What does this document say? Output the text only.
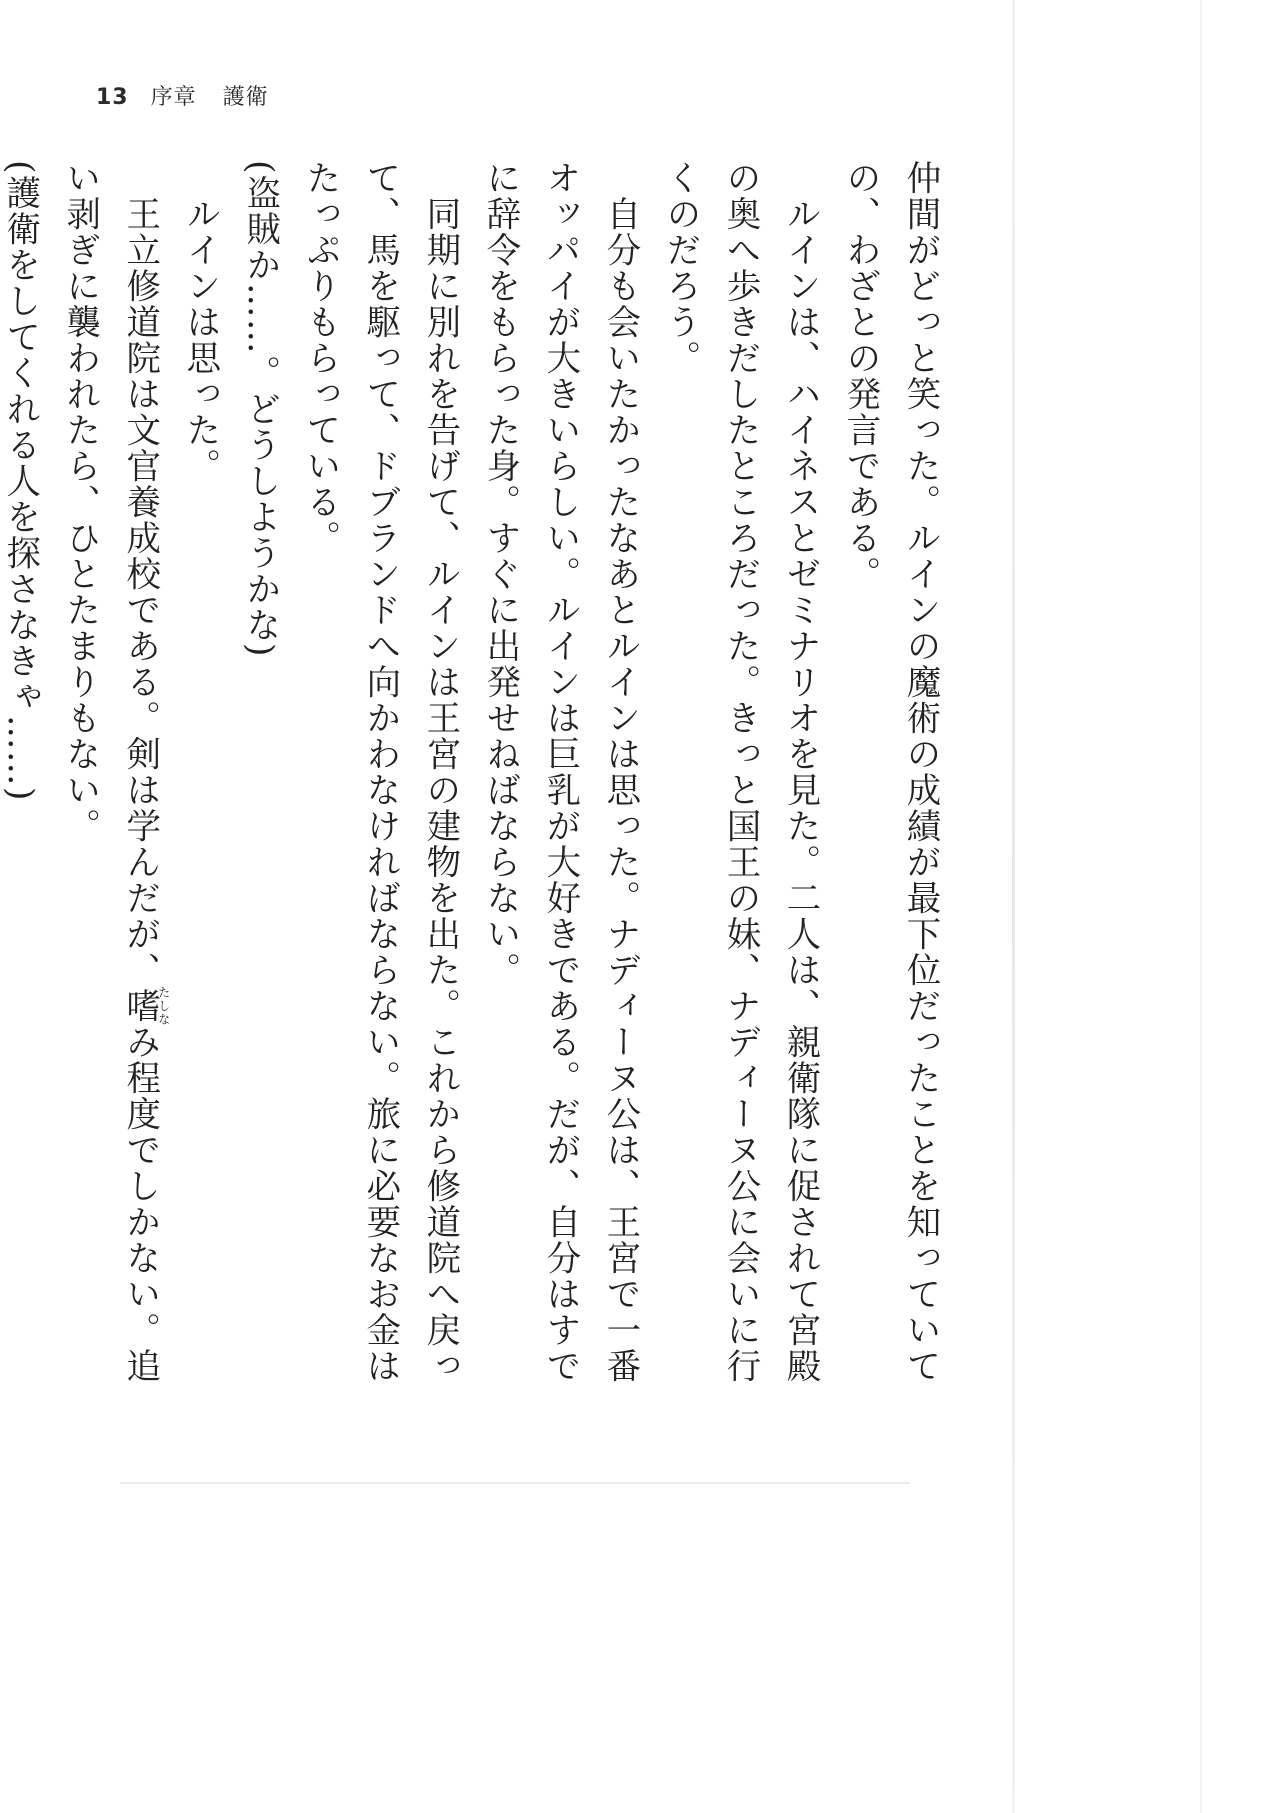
13 序章 護衛

仲間がどっと笑った。ルインの魔術の成績が最下位だったことを知っていての、わざとの発言である。

　ルインは、ハイネスとゼミナリオを見た。二人は、親衛隊に促されて宮殿の奥へ歩きだしたところだった。きっと国王の妹、ナディーヌ公に会いに行くのだろう。

　自分も会いたかったなあとルインは思った。ナディーヌ公は、王宮で一番オッパイが大きいらしい。ルインは巨乳が大好きである。だが、自分はすでに辞令をもらった身。すぐに出発せねばならない。

　同期に別れを告げて、ルインは王宮の建物を出た。これから修道院へ戻って、馬を駆って、ドブランドへ向かわなければならない。旅に必要なお金はたっぷりもらっている。

(盗賊か……。どうしようかな)

　ルインは思った。

　王立修道院は文官養成校である。剣は学んだが、嗜たしなみ程度でしかない。追い剥ぎに襲われたら、ひとたまりもない。

(護衛をしてくれる人を探さなきゃ……)
